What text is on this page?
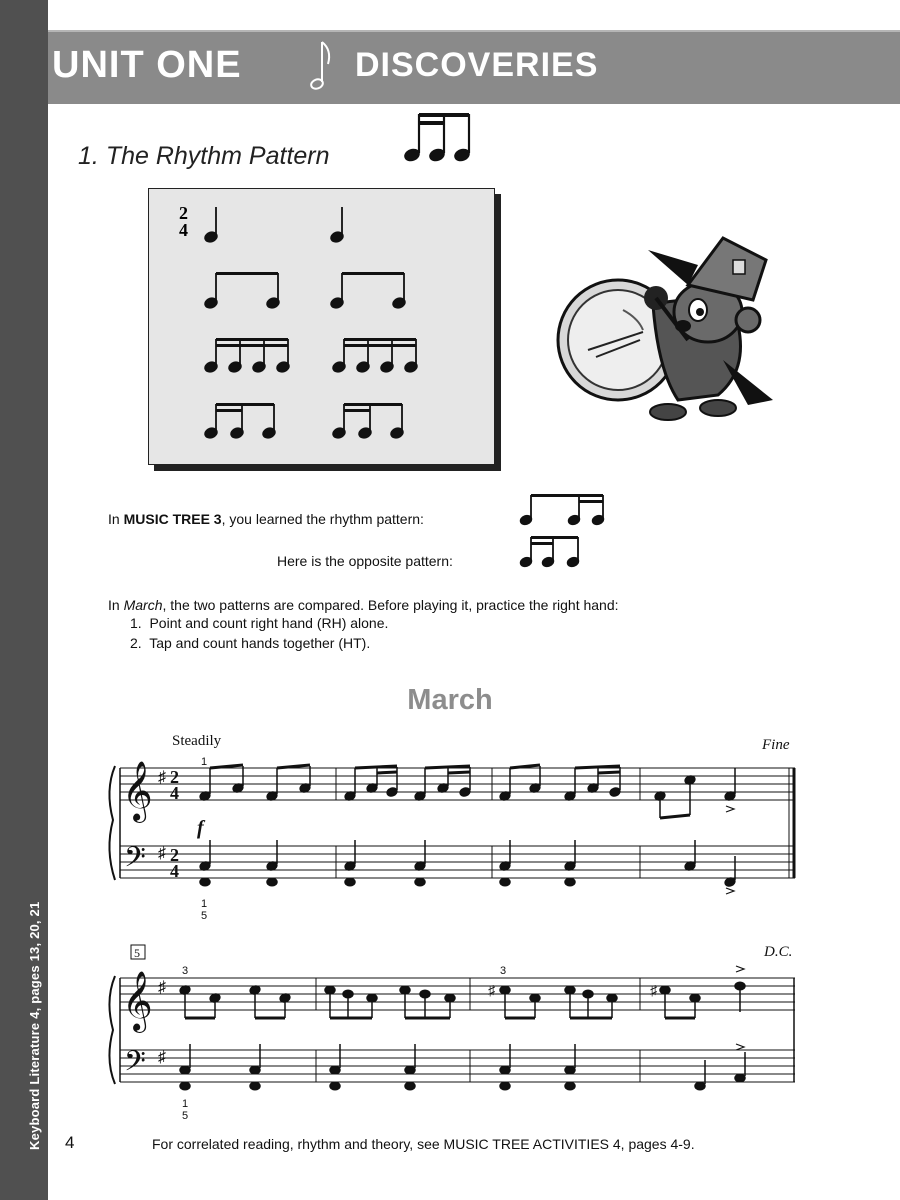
Keyboard Literature 4, pages 13, 20, 21
UNIT ONE	DISCOVERIES
1. The Rhythm Pattern
2
4
In MUSIC TREE 3, you learned the rhythm pattern:
Here is the opposite pattern:
In March, the two patterns are compared. Before playing it, practice the right hand:
1. Point and count right hand (RH) alone.
2. Tap and count hands together (HT).
March
𝄞
𝄢
♯
♯
2
4
2
4
𝄞
𝄢
♯
♯
♯	♯
Steadily	Fine
D.C.
f
5
1
1
5
3	3
1
5
4	For correlated reading, rhythm and theory, see MUSIC TREE ACTIVITIES 4, pages 4-9.
